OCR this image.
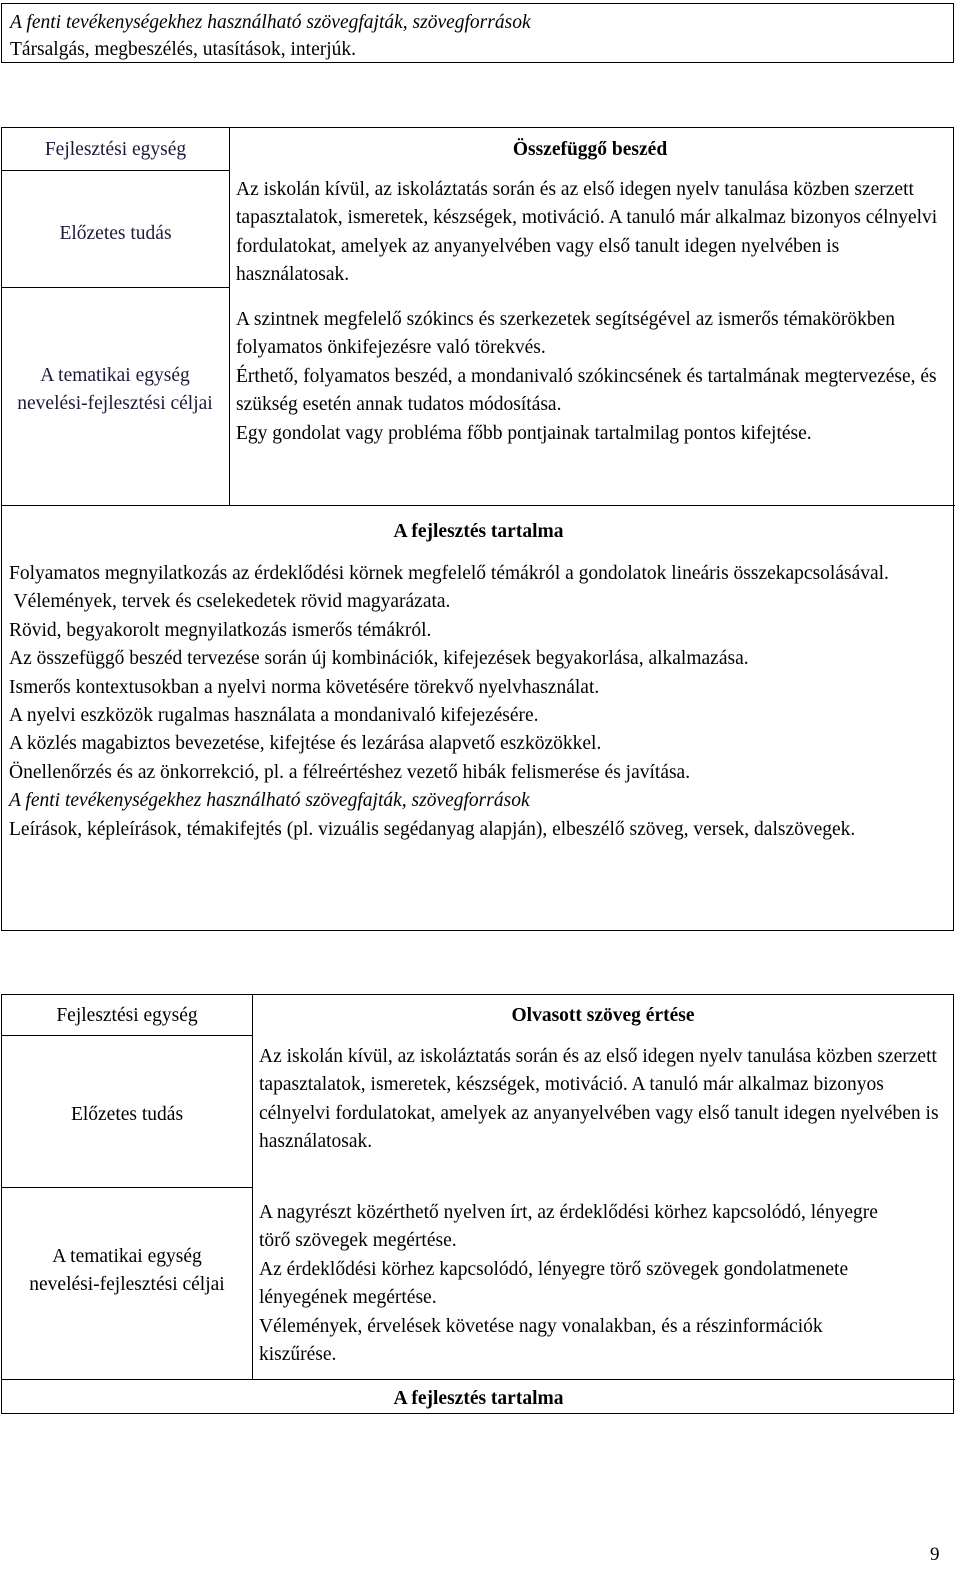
A fenti tevékenységekhez használható szövegfajták, szövegforrások

Társalgás, megbeszélés, utasítások, interjúk.

Fejlesztési egység	Összefüggő beszéd
Előzetes tudás

Az iskolán kívül, az iskoláztatás során és az első idegen nyelv tanulása közben szerzett tapasztalatok, ismeretek, készségek, motiváció. A tanuló már alkalmaz bizonyos célnyelvi fordulatokat, amelyek az anyanyelvében vagy első tanult idegen nyelvében is használatosak.

A tematikai egység nevelési-fejlesztési céljai

A szintnek megfelelő szókincs és szerkezetek segítségével az ismerős témakörökben folyamatos önkifejezésre való törekvés.

Érthető, folyamatos beszéd, a mondanivaló szókincsének és tartalmának megtervezése, és szükség esetén annak tudatos módosítása.

Egy gondolat vagy probléma főbb pontjainak tartalmilag pontos kifejtése.

A fejlesztés tartalma

Folyamatos megnyilatkozás az érdeklődési körnek megfelelő témákról a gondolatok lineáris összekapcsolásával.

Vélemények, tervek és cselekedetek rövid magyarázata.

Rövid, begyakorolt megnyilatkozás ismerős témákról.

Az összefüggő beszéd tervezése során új kombinációk, kifejezések begyakorlása, alkalmazása.

Ismerős kontextusokban a nyelvi norma követésére törekvő nyelvhasználat.

A nyelvi eszközök rugalmas használata a mondanivaló kifejezésére.

A közlés magabiztos bevezetése, kifejtése és lezárása alapvető eszközökkel.

Önellenőrzés és az önkorrekció, pl. a félreértéshez vezető hibák felismerése és javítása.

A fenti tevékenységekhez használható szövegfajták, szövegforrások

Leírások, képleírások, témakifejtés (pl. vizuális segédanyag alapján), elbeszélő szöveg, versek, dalszövegek.

Fejlesztési egység	Olvasott szöveg értése
Előzetes tudás

Az iskolán kívül, az iskoláztatás során és az első idegen nyelv tanulása közben szerzett tapasztalatok, ismeretek, készségek, motiváció. A tanuló már alkalmaz bizonyos célnyelvi fordulatokat, amelyek az anyanyelvében vagy első tanult idegen nyelvében is használatosak.

A tematikai egység nevelési-fejlesztési céljai

A nagyrészt közérthető nyelven írt, az érdeklődési körhez kapcsolódó, lényegre törő szövegek megértése.

Az érdeklődési körhez kapcsolódó, lényegre törő szövegek gondolatmenete lényegének megértése.

Vélemények, érvelések követése nagy vonalakban, és a részinformációk kiszűrése.

A fejlesztés tartalma
9
